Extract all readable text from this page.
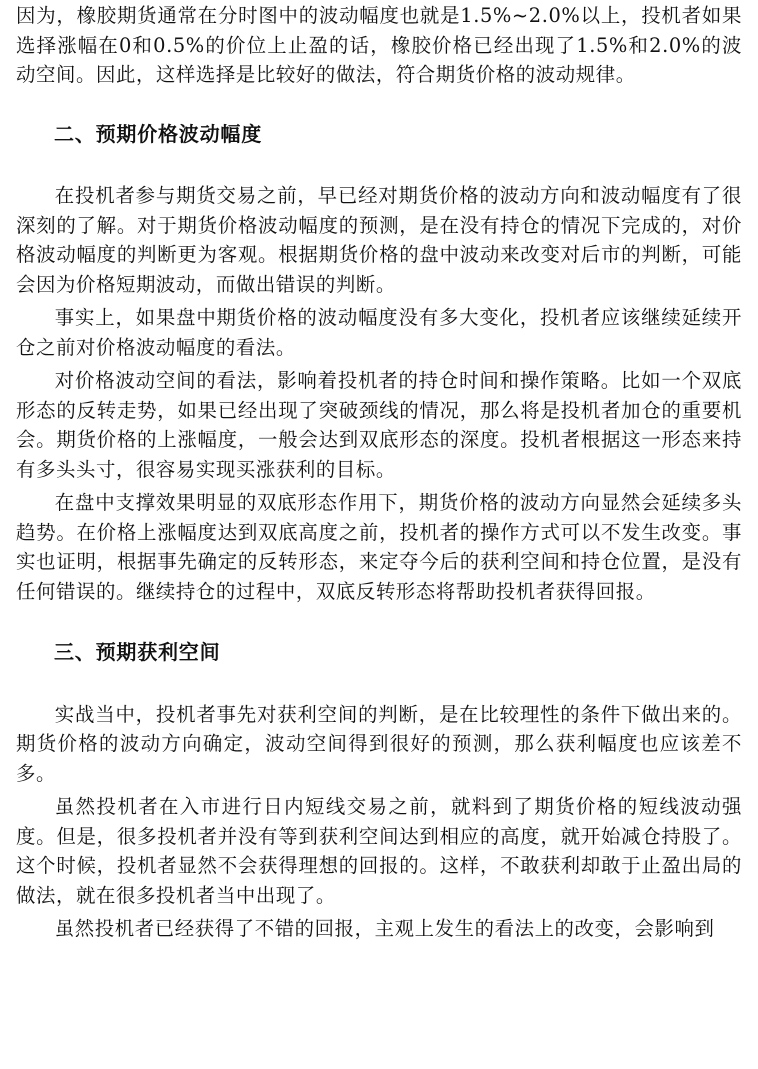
因为，橡胶期货通常在分时图中的波动幅度也就是1.5%~2.0%以上，投机者如果选择涨幅在0和0.5%的价位上止盈的话，橡胶价格已经出现了1.5%和2.0%的波动空间。因此，这样选择是比较好的做法，符合期货价格的波动规律。

二、预期价格波动幅度

在投机者参与期货交易之前，早已经对期货价格的波动方向和波动幅度有了很深刻的了解。对于期货价格波动幅度的预测，是在没有持仓的情况下完成的，对价格波动幅度的判断更为客观。根据期货价格的盘中波动来改变对后市的判断，可能会因为价格短期波动，而做出错误的判断。

事实上，如果盘中期货价格的波动幅度没有多大变化，投机者应该继续延续开仓之前对价格波动幅度的看法。

对价格波动空间的看法，影响着投机者的持仓时间和操作策略。比如一个双底形态的反转走势，如果已经出现了突破颈线的情况，那么将是投机者加仓的重要机会。期货价格的上涨幅度，一般会达到双底形态的深度。投机者根据这一形态来持有多头头寸，很容易实现买涨获利的目标。

在盘中支撑效果明显的双底形态作用下，期货价格的波动方向显然会延续多头趋势。在价格上涨幅度达到双底高度之前，投机者的操作方式可以不发生改变。事实也证明，根据事先确定的反转形态，来定夺今后的获利空间和持仓位置，是没有任何错误的。继续持仓的过程中，双底反转形态将帮助投机者获得回报。

三、预期获利空间

实战当中，投机者事先对获利空间的判断，是在比较理性的条件下做出来的。期货价格的波动方向确定，波动空间得到很好的预测，那么获利幅度也应该差不多。

虽然投机者在入市进行日内短线交易之前，就料到了期货价格的短线波动强度。但是，很多投机者并没有等到获利空间达到相应的高度，就开始减仓持股了。这个时候，投机者显然不会获得理想的回报的。这样，不敢获利却敢于止盈出局的做法，就在很多投机者当中出现了。

虽然投机者已经获得了不错的回报，主观上发生的看法上的改变，会影响到
